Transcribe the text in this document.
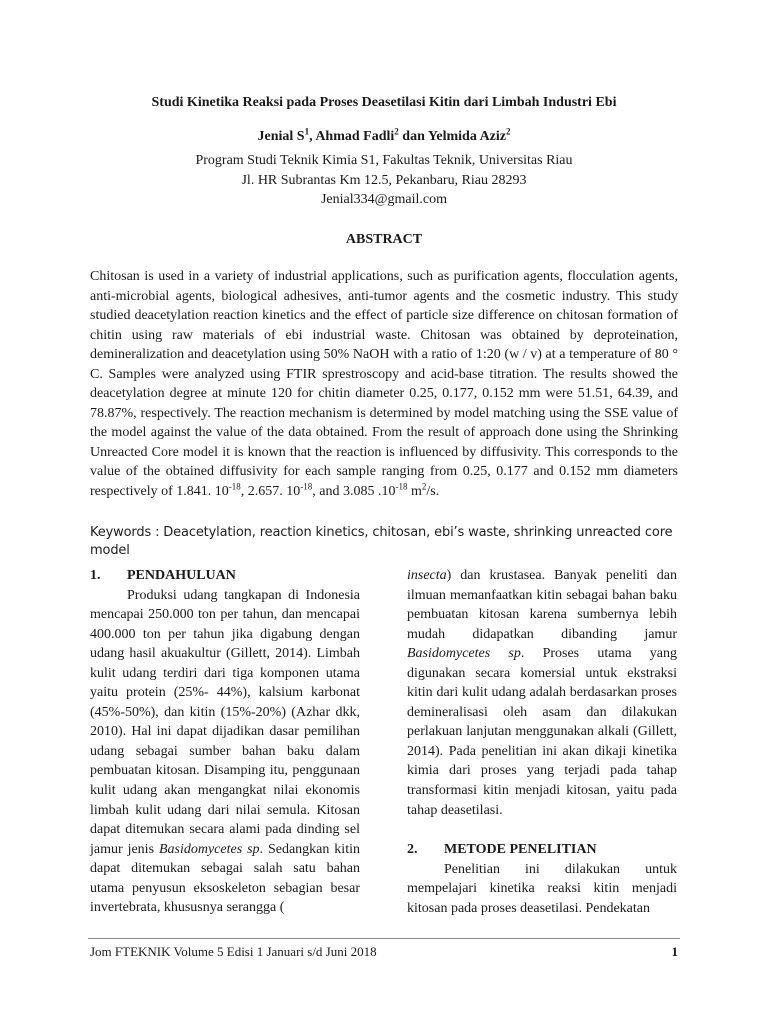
Studi Kinetika Reaksi pada Proses Deasetilasi Kitin dari Limbah Industri Ebi
Jenial $S^1$, Ahmad Fadli$^2$ dan Yelmida Aziz$^2$
Program Studi Teknik Kimia S1, Fakultas Teknik, Universitas Riau
Jl. HR Subrantas Km 12.5, Pekanbaru, Riau 28293
Jenial334@gmail.com
ABSTRACT
Chitosan is used in a variety of industrial applications, such as purification agents, flocculation agents, anti-microbial agents, biological adhesives, anti-tumor agents and the cosmetic industry. This study studied deacetylation reaction kinetics and the effect of particle size difference on chitosan formation of chitin using raw materials of ebi industrial waste. Chitosan was obtained by deproteination, demineralization and deacetylation using 50% NaOH with a ratio of 1:20 (w / v) at a temperature of 80 ° C. Samples were analyzed using FTIR sprestroscopy and acid-base titration. The results showed the deacetylation degree at minute 120 for chitin diameter 0.25, 0.177, 0.152 mm were 51.51, 64.39, and 78.87%, respectively. The reaction mechanism is determined by model matching using the SSE value of the model against the value of the data obtained. From the result of approach done using the Shrinking Unreacted Core model it is known that the reaction is influenced by diffusivity. This corresponds to the value of the obtained diffusivity for each sample ranging from 0.25, 0.177 and 0.152 mm diameters respectively of 1.841. $10^{-18}$, 2.657. $10^{-18}$, and 3.085 $.10^{-18}$ $m^2/s$.
Keywords : Deacetylation, reaction kinetics, chitosan, ebi’s waste, shrinking unreacted core model
1.	PENDAHULUAN
Produksi udang tangkapan di Indonesia mencapai 250.000 ton per tahun, dan mencapai 400.000 ton per tahun jika digabung dengan udang hasil akuakultur (Gillett, 2014). Limbah kulit udang terdiri dari tiga komponen utama yaitu protein (25%- 44%), kalsium karbonat (45%-50%), dan kitin (15%-20%) (Azhar dkk, 2010). Hal ini dapat dijadikan dasar pemilihan udang sebagai sumber bahan baku dalam pembuatan kitosan. Disamping itu, penggunaan kulit udang akan mengangkat nilai ekonomis limbah kulit udang dari nilai semula. Kitosan dapat ditemukan secara alami pada dinding sel jamur jenis Basidomycetes sp. Sedangkan kitin dapat ditemukan sebagai salah satu bahan utama penyusun eksoskeleton sebagian besar invertebrata, khususnya serangga (
insecta) dan krustasea. Banyak peneliti dan ilmuan memanfaatkan kitin sebagai bahan baku pembuatan kitosan karena sumbernya lebih mudah didapatkan dibanding jamur Basidomycetes sp. Proses utama yang digunakan secara komersial untuk ekstraksi kitin dari kulit udang adalah berdasarkan proses demineralisasi oleh asam dan dilakukan perlakuan lanjutan menggunakan alkali (Gillett, 2014). Pada penelitian ini akan dikaji kinetika kimia dari proses yang terjadi pada tahap transformasi kitin menjadi kitosan, yaitu pada tahap deasetilasi.
2.	METODE PENELITIAN
Penelitian ini dilakukan untuk mempelajari kinetika reaksi kitin menjadi kitosan pada proses deasetilasi. Pendekatan
Jom FTEKNIK Volume 5 Edisi 1 Januari s/d Juni 2018	1
